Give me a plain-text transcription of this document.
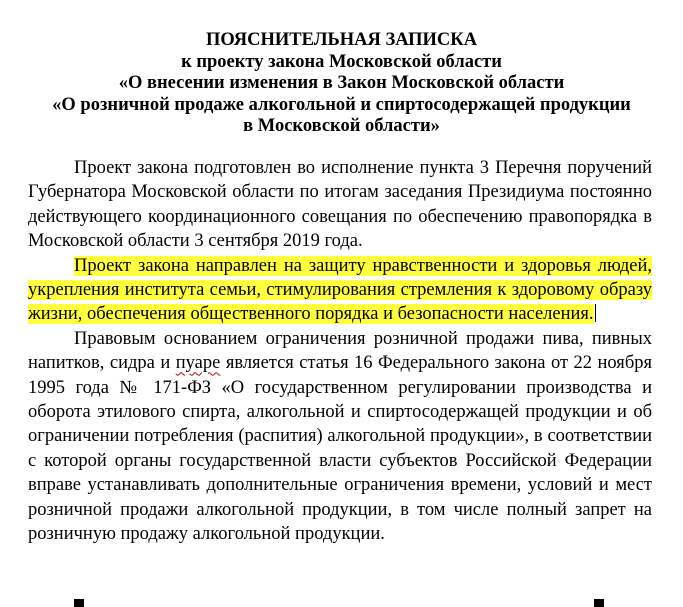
ПОЯСНИТЕЛЬНАЯ ЗАПИСКА
к проекту закона Московской области
«О внесении изменения в Закон Московской области
«О розничной продаже алкогольной и спиртосодержащей продукции
в Московской области»

Проект закона подготовлен во исполнение пункта 3 Перечня поручений Губернатора Московской области по итогам заседания Президиума постоянно действующего координационного совещания по обеспечению правопорядка в Московской области 3 сентября 2019 года.

Проект закона направлен на защиту нравственности и здоровья людей, укрепления института семьи, стимулирования стремления к здоровому образу жизни, обеспечения общественного порядка и безопасности населения.

Правовым основанием ограничения розничной продажи пива, пивных напитков, сидра и пуаре является статья 16 Федерального закона от 22 ноября 1995 года № 171-ФЗ «О государственном регулировании производства и оборота этилового спирта, алкогольной и спиртосодержащей продукции и об ограничении потребления (распития) алкогольной продукции», в соответствии с которой органы государственной власти субъектов Российской Федерации вправе устанавливать дополнительные ограничения времени, условий и мест розничной продажи алкогольной продукции, в том числе полный запрет на розничную продажу алкогольной продукции.
